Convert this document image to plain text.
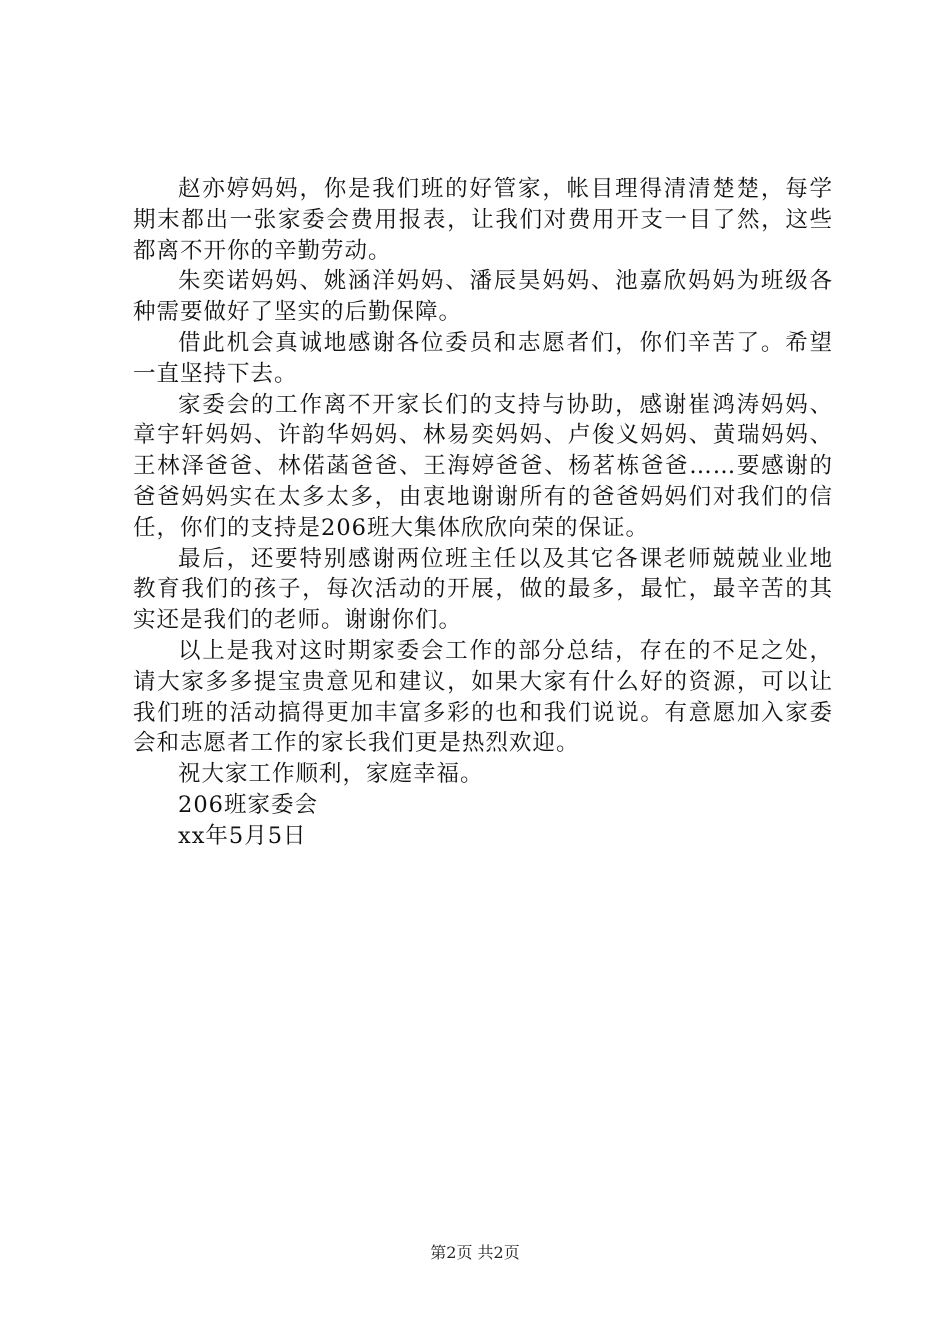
赵亦婷妈妈，你是我们班的好管家，帐目理得清清楚楚，每学期末都出一张家委会费用报表，让我们对费用开支一目了然，这些都离不开你的辛勤劳动。

朱奕诺妈妈、姚涵洋妈妈、潘辰昊妈妈、池嘉欣妈妈为班级各种需要做好了坚实的后勤保障。

借此机会真诚地感谢各位委员和志愿者们，你们辛苦了。希望一直坚持下去。

家委会的工作离不开家长们的支持与协助，感谢崔鸿涛妈妈、章宇轩妈妈、许韵华妈妈、林易奕妈妈、卢俊义妈妈、黄瑞妈妈、王林泽爸爸、林偌菡爸爸、王海婷爸爸、杨茗栋爸爸……要感谢的爸爸妈妈实在太多太多，由衷地谢谢所有的爸爸妈妈们对我们的信任，你们的支持是206班大集体欣欣向荣的保证。

最后，还要特别感谢两位班主任以及其它各课老师兢兢业业地教育我们的孩子，每次活动的开展，做的最多，最忙，最辛苦的其实还是我们的老师。谢谢你们。

以上是我对这时期家委会工作的部分总结，存在的不足之处，请大家多多提宝贵意见和建议，如果大家有什么好的资源，可以让我们班的活动搞得更加丰富多彩的也和我们说说。有意愿加入家委会和志愿者工作的家长我们更是热烈欢迎。

祝大家工作顺利，家庭幸福。

206班家委会

xx年5月5日

第2页 共2页
